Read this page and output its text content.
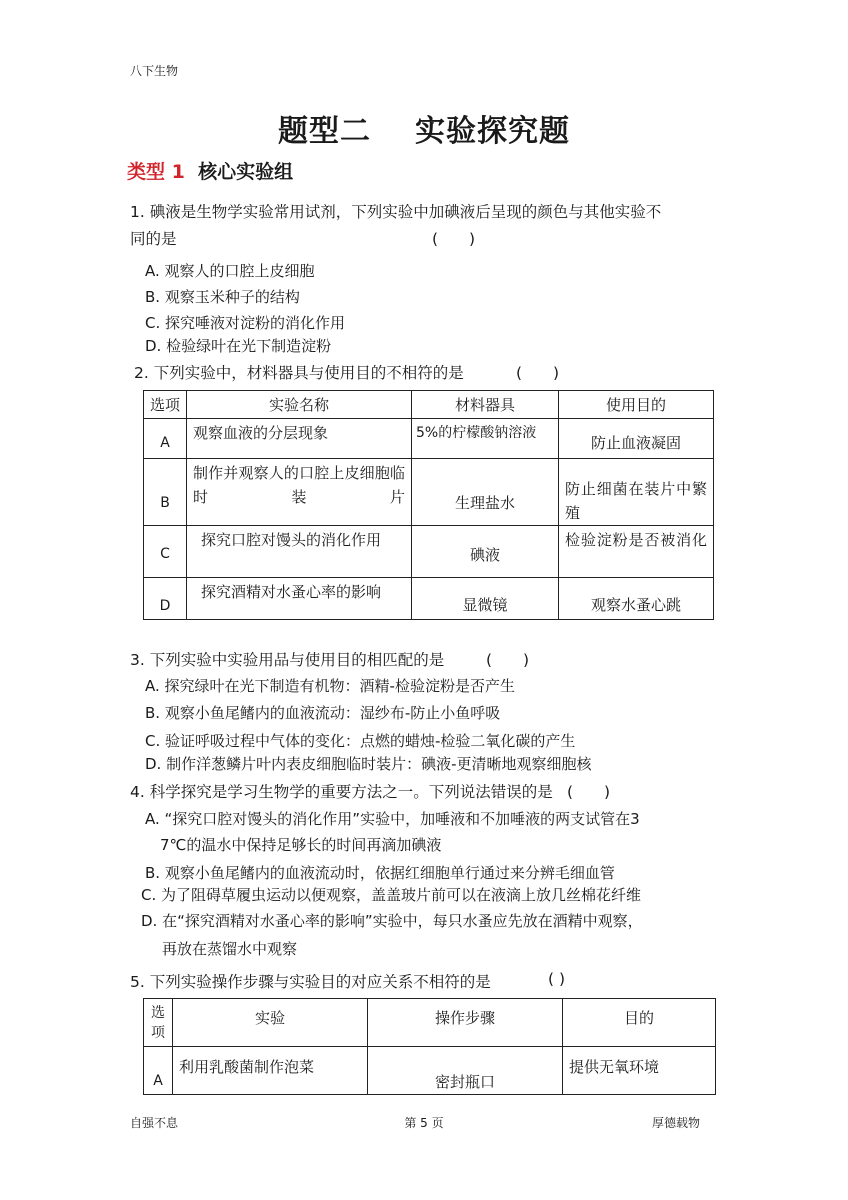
八下生物
题型二 实验探究题
类型 1 核心实验组
1. 碘液是生物学实验常用试剂，下列实验中加碘液后呈现的颜色与其他实验不
同的是	(　　)
A. 观察人的口腔上皮细胞
B. 观察玉米种子的结构
C. 探究唾液对淀粉的消化作用
D. 检验绿叶在光下制造淀粉
2. 下列实验中，材料器具与使用目的不相符的是	(　　)
选项	实验名称	材料器具	使用目的

A	观察血液的分层现象	5%的柠檬酸钠溶液	防止血液凝固

B	制作并观察人的口腔上皮细胞临时装片	生理盐水	防止细菌在装片中繁殖

C	探究口腔对馒头的消化作用	碘液	检验淀粉是否被消化

D	探究酒精对水蚤心率的影响	显微镜	观察水蚤心跳
3. 下列实验中实验用品与使用目的相匹配的是	(　　)
A. 探究绿叶在光下制造有机物：酒精-检验淀粉是否产生
B. 观察小鱼尾鳍内的血液流动：湿纱布-防止小鱼呼吸
C. 验证呼吸过程中气体的变化：点燃的蜡烛-检验二氧化碳的产生
D. 制作洋葱鳞片叶内表皮细胞临时装片：碘液-更清晰地观察细胞核
4. 科学探究是学习生物学的重要方法之一。下列说法错误的是 (　　)
A. “探究口腔对馒头的消化作用”实验中，加唾液和不加唾液的两支试管在3
7℃的温水中保持足够长的时间再滴加碘液
B. 观察小鱼尾鳍内的血液流动时，依据红细胞单行通过来分辨毛细血管
C. 为了阻碍草履虫运动以便观察，盖盖玻片前可以在液滴上放几丝棉花纤维
D. 在“探究酒精对水蚤心率的影响”实验中，每只水蚤应先放在酒精中观察，
再放在蒸馏水中观察
5. 下列实验操作步骤与实验目的对应关系不相符的是	( )
选项	实验	操作步骤	目的

A	利用乳酸菌制作泡菜	密封瓶口	提供无氧环境
自强不息	第 5 页	厚德载物
